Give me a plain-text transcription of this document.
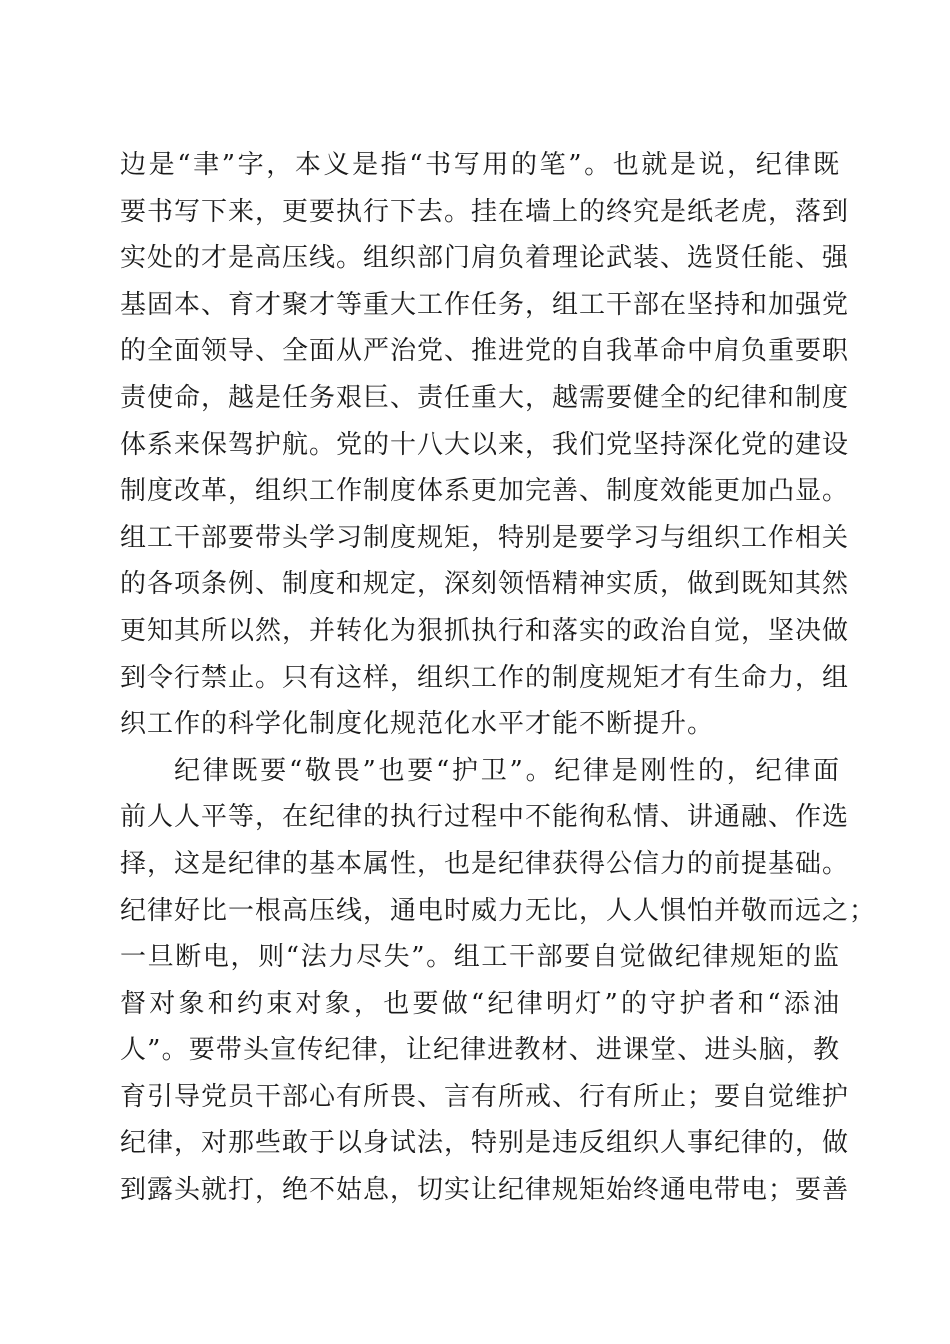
边是“聿”字，本义是指“书写用的笔”。也就是说，纪律既
要书写下来，更要执行下去。挂在墙上的终究是纸老虎，落到
实处的才是高压线。组织部门肩负着理论武装、选贤任能、强
基固本、育才聚才等重大工作任务，组工干部在坚持和加强党
的全面领导、全面从严治党、推进党的自我革命中肩负重要职
责使命，越是任务艰巨、责任重大，越需要健全的纪律和制度
体系来保驾护航。党的十八大以来，我们党坚持深化党的建设
制度改革，组织工作制度体系更加完善、制度效能更加凸显。
组工干部要带头学习制度规矩，特别是要学习与组织工作相关
的各项条例、制度和规定，深刻领悟精神实质，做到既知其然
更知其所以然，并转化为狠抓执行和落实的政治自觉，坚决做
到令行禁止。只有这样，组织工作的制度规矩才有生命力，组
织工作的科学化制度化规范化水平才能不断提升。
纪律既要“敬畏”也要“护卫”。纪律是刚性的，纪律面
前人人平等，在纪律的执行过程中不能徇私情、讲通融、作选
择，这是纪律的基本属性，也是纪律获得公信力的前提基础。
纪律好比一根高压线，通电时威力无比，人人惧怕并敬而远之；
一旦断电，则“法力尽失”。组工干部要自觉做纪律规矩的监
督对象和约束对象，也要做“纪律明灯”的守护者和“添油
人”。要带头宣传纪律，让纪律进教材、进课堂、进头脑，教
育引导党员干部心有所畏、言有所戒、行有所止；要自觉维护
纪律，对那些敢于以身试法，特别是违反组织人事纪律的，做
到露头就打，绝不姑息，切实让纪律规矩始终通电带电；要善
